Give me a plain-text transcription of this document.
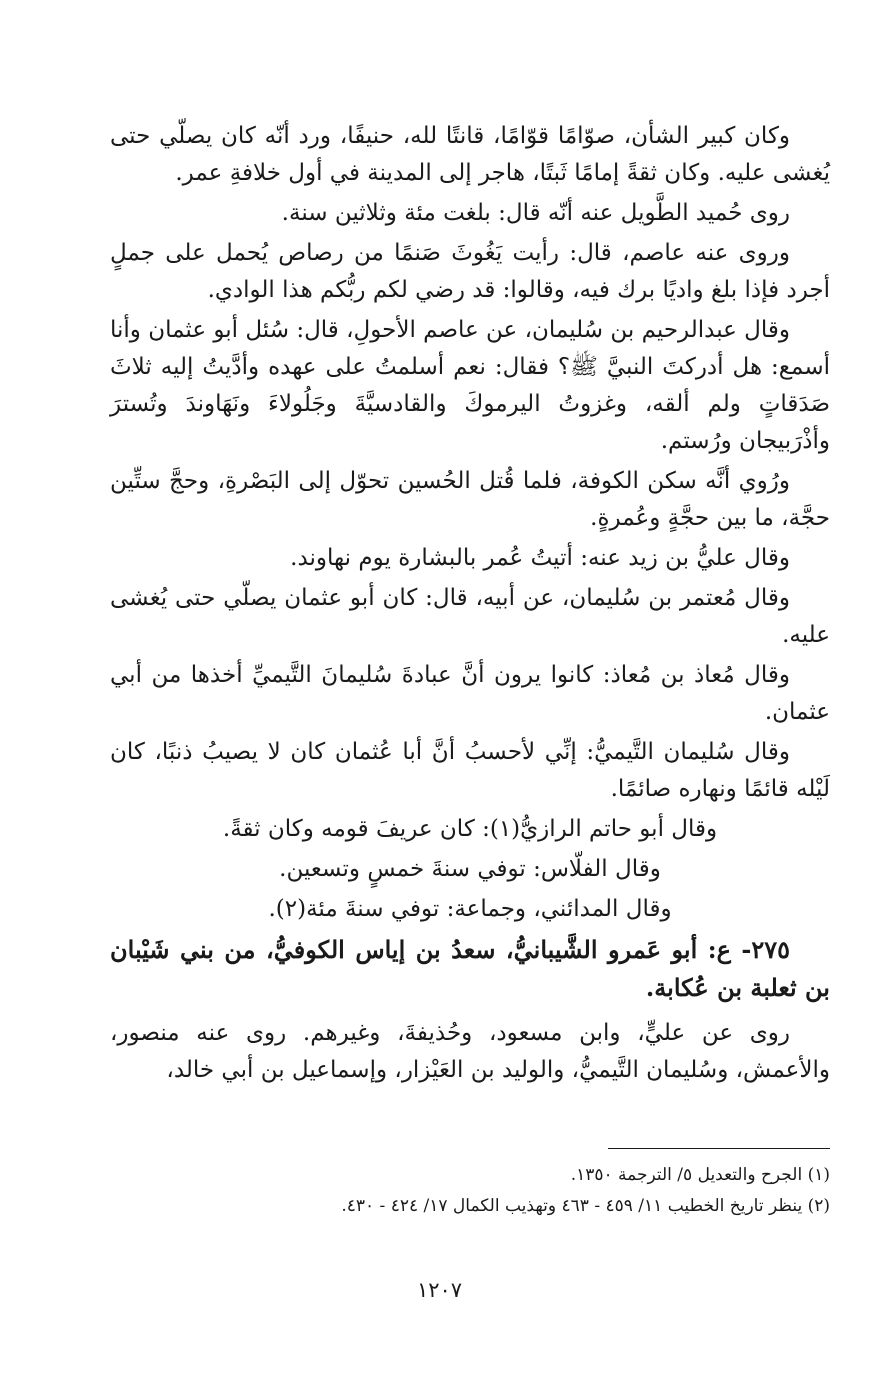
وكان كبير الشأن، صوّامًا قوّامًا، قانتًا لله، حنيفًا، ورد أنّه كان يصلّي حتى يُغشى عليه. وكان ثقةً إمامًا ثَبتًا، هاجر إلى المدينة في أول خلافةِ عمر.

روى حُميد الطَّويل عنه أنّه قال: بلغت مئة وثلاثين سنة.

وروى عنه عاصم، قال: رأيت يَغُوثَ صَنمًا من رصاص يُحمل على جملٍ أجرد فإذا بلغ واديًا برك فيه، وقالوا: قد رضي لكم ربُّكم هذا الوادي.

وقال عبدالرحيم بن سُليمان، عن عاصم الأحولِ، قال: سُئل أبو عثمان وأنا أسمع: هل أدركتَ النبيَّ ﷺ؟ فقال: نعم أسلمتُ على عهده وأدَّيتُ إليه ثلاثَ صَدَقاتٍ ولم ألقه، وغزوتُ اليرموكَ والقادسيَّةَ وجَلُولاءَ ونَهَاوندَ وتُسترَ وأذْرَبيجان ورُستم.

ورُوي أنَّه سكن الكوفة، فلما قُتل الحُسين تحوّل إلى البَصْرةِ، وحجَّ ستِّين حجَّة، ما بين حجَّةٍ وعُمرةٍ.

وقال عليُّ بن زيد عنه: أتيتُ عُمر بالبشارة يوم نهاوند.

وقال مُعتمر بن سُليمان، عن أبيه، قال: كان أبو عثمان يصلّي حتى يُغشى عليه.

وقال مُعاذ بن مُعاذ: كانوا يرون أنَّ عبادةَ سُليمانَ التَّيميِّ أخذها من أبي عثمان.

وقال سُليمان التَّيميُّ: إنِّي لأحسبُ أنَّ أبا عُثمان كان لا يصيبُ ذنبًا، كان لَيْله قائمًا ونهاره صائمًا.

وقال أبو حاتم الرازيُّ(١): كان عريفَ قومه وكان ثقةً.

وقال الفلّاس: توفي سنةَ خمسٍ وتسعين.

وقال المدائني، وجماعة: توفي سنةَ مئة(٢).

٢٧٥- ع: أبو عَمرو الشَّيبانيُّ، سعدُ بن إياس الكوفيُّ، من بني شَيْبان بن ثعلبة بن عُكابة.

روى عن عليٍّ، وابن مسعود، وحُذيفةَ، وغيرهم. روى عنه منصور، والأعمش، وسُليمان التَّيميُّ، والوليد بن العَيْزار، وإسماعيل بن أبي خالد،

(١) الجرح والتعديل ٥/ الترجمة ١٣٥٠.
(٢) ينظر تاريخ الخطيب ١١/ ٤٥٩ - ٤٦٣ وتهذيب الكمال ١٧/ ٤٢٤ - ٤٣٠.
١٢٠٧
